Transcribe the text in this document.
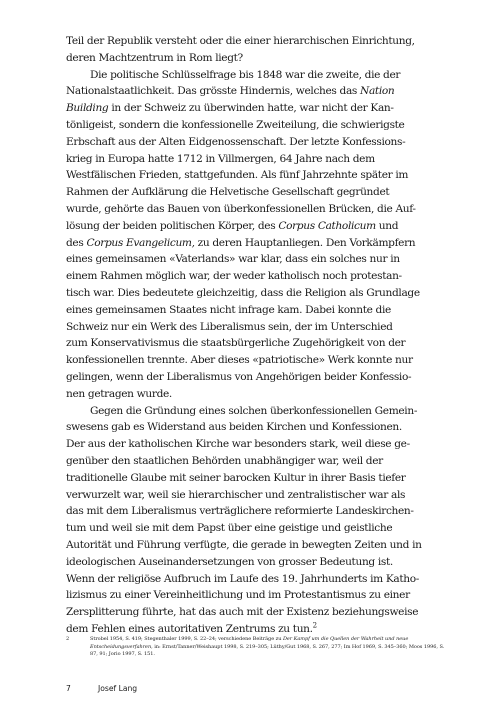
Teil der Republik versteht oder die einer hierarchischen Einrichtung,
deren Machtzentrum in Rom liegt?

Die politische Schlüsselfrage bis 1848 war die zweite, die der
Nationalstaatlichkeit. Das grösste Hindernis, welches das Nation
Building in der Schweiz zu überwinden hatte, war nicht der Kan-
tönligeist, sondern die konfessionelle Zweiteilung, die schwierigste
Erbschaft aus der Alten Eidgenossenschaft. Der letzte Konfessions-
krieg in Europa hatte 1712 in Villmergen, 64 Jahre nach dem
Westfälischen Frieden, stattgefunden. Als fünf Jahrzehnte später im
Rahmen der Aufklärung die Helvetische Gesellschaft gegründet
wurde, gehörte das Bauen von überkonfessionellen Brücken, die Auf-
lösung der beiden politischen Körper, des Corpus Catholicum und
des Corpus Evangelicum, zu deren Hauptanliegen. Den Vorkämpfern
eines gemeinsamen «Vaterlands» war klar, dass ein solches nur in
einem Rahmen möglich war, der weder katholisch noch protestan-
tisch war. Dies bedeutete gleichzeitig, dass die Religion als Grundlage
eines gemeinsamen Staates nicht infrage kam. Dabei konnte die
Schweiz nur ein Werk des Liberalismus sein, der im Unterschied
zum Konservativismus die staatsbürgerliche Zugehörigkeit von der
konfessionellen trennte. Aber dieses «patriotische» Werk konnte nur
gelingen, wenn der Liberalismus von Angehörigen beider Konfessio-
nen getragen wurde.

Gegen die Gründung eines solchen überkonfessionellen Gemein-
swesens gab es Widerstand aus beiden Kirchen und Konfessionen.
Der aus der katholischen Kirche war besonders stark, weil diese ge-
genüber den staatlichen Behörden unabhängiger war, weil der
traditionelle Glaube mit seiner barocken Kultur in ihrer Basis tiefer
verwurzelt war, weil sie hierarchischer und zentralistischer war als
das mit dem Liberalismus verträglichere reformierte Landeskirchen-
tum und weil sie mit dem Papst über eine geistige und geistliche
Autorität und Führung verfügte, die gerade in bewegten Zeiten und in
ideologischen Auseinandersetzungen von grosser Bedeutung ist.
Wenn der religiöse Aufbruch im Laufe des 19. Jahrhunderts im Katho-
lizismus zu einer Vereinheitlichung und im Protestantismus zu einer
Zersplitterung führte, hat das auch mit der Existenz beziehungsweise
dem Fehlen eines autoritativen Zentrums zu tun.$^2$

2	Strobel 1954, S. 419; Stegenthaler 1999, S. 22–24; verschiedene Beiträge zu Der Kampf um die Quellen der Wahrheit und neue Entscheidungsverfahren, in: Ernst/Tanner/Weishaupt 1998, S. 219–305; Lüthy/Gut 1968, S. 267, 277; Im Hof 1969, S. 345–360; Moos 1996, S. 87, 91; Jorio 1997, S. 151.
7	Josef Lang
